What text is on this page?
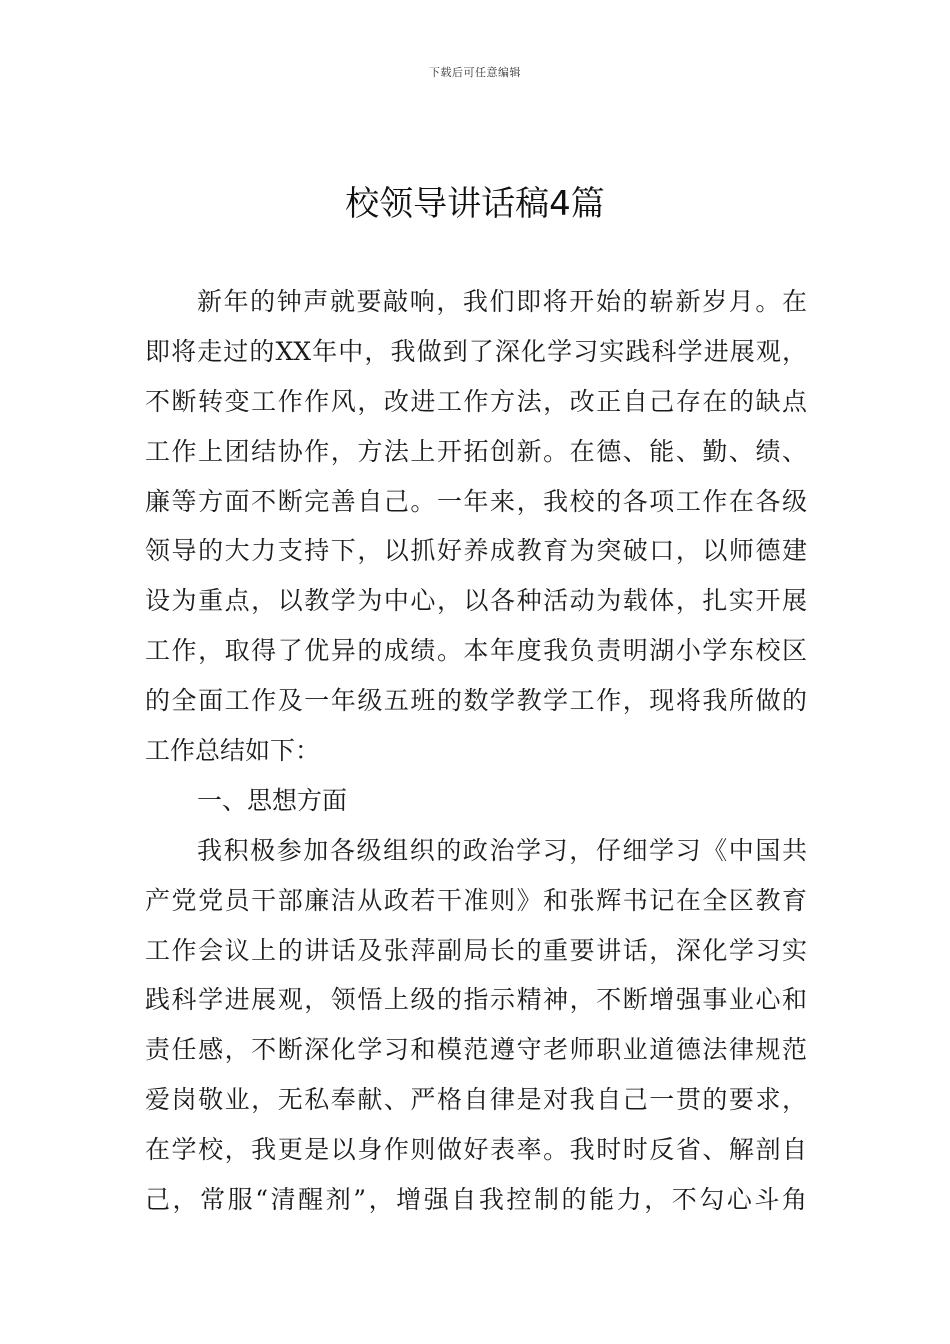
下载后可任意编辑
校领导讲话稿4篇
新年的钟声就要敲响，我们即将开始的崭新岁月。在
即将走过的XX年中，我做到了深化学习实践科学进展观，
不断转变工作作风，改进工作方法，改正自己存在的缺点
工作上团结协作，方法上开拓创新。在德、能、勤、绩、
廉等方面不断完善自己。一年来，我校的各项工作在各级
领导的大力支持下，以抓好养成教育为突破口，以师德建
设为重点，以教学为中心，以各种活动为载体，扎实开展
工作，取得了优异的成绩。本年度我负责明湖小学东校区
的全面工作及一年级五班的数学教学工作，现将我所做的
工作总结如下：
一、思想方面
我积极参加各级组织的政治学习，仔细学习《中国共
产党党员干部廉洁从政若干准则》和张辉书记在全区教育
工作会议上的讲话及张萍副局长的重要讲话，深化学习实
践科学进展观，领悟上级的指示精神，不断增强事业心和
责任感，不断深化学习和模范遵守老师职业道德法律规范
爱岗敬业，无私奉献、严格自律是对我自己一贯的要求，
在学校，我更是以身作则做好表率。我时时反省、解剖自
己，常服“清醒剂”，增强自我控制的能力，不勾心斗角
